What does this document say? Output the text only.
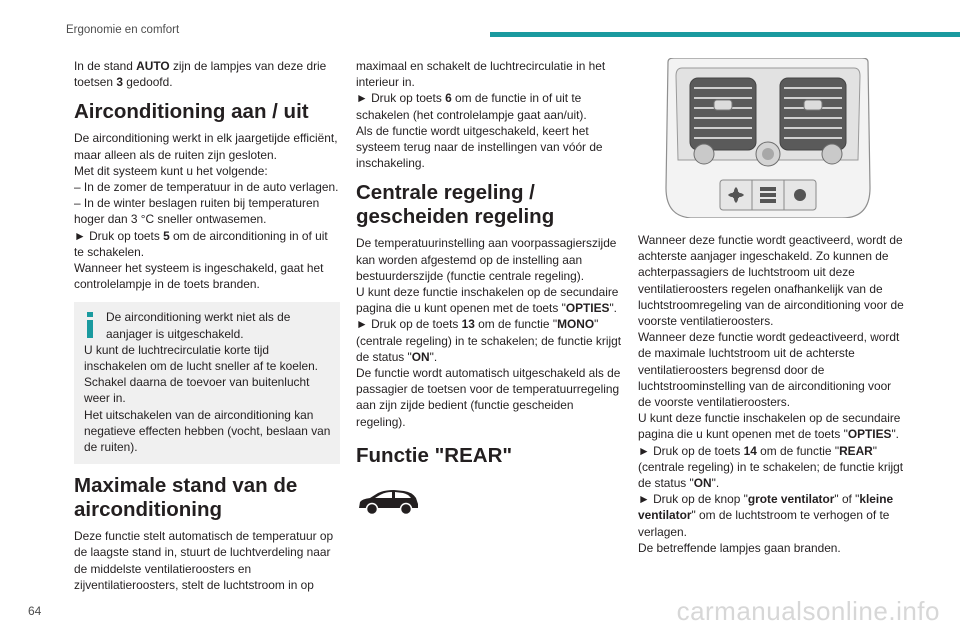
Ergonomie en comfort

In de stand AUTO zijn de lampjes van deze drie toetsen 3 gedoofd.

Airconditioning aan / uit

De airconditioning werkt in elk jaargetijde efficiënt, maar alleen als de ruiten zijn gesloten.

Met dit systeem kunt u het volgende:

– In de zomer de temperatuur in de auto verlagen.

– In de winter beslagen ruiten bij temperaturen hoger dan 3 °C sneller ontwasemen.

► Druk op toets 5 om de airconditioning in of uit te schakelen.

Wanneer het systeem is ingeschakeld, gaat het controlelampje in de toets branden.

De airconditioning werkt niet als de aanjager is uitgeschakeld.

U kunt de luchtrecirculatie korte tijd inschakelen om de lucht sneller af te koelen. Schakel daarna de toevoer van buitenlucht weer in.

Het uitschakelen van de airconditioning kan negatieve effecten hebben (vocht, beslaan van de ruiten).

Maximale stand van de airconditioning

Deze functie stelt automatisch de temperatuur op de laagste stand in, stuurt de luchtverdeling naar de middelste ventilatieroosters en zijventilatieroosters, stelt de luchtstroom in op

maximaal en schakelt de luchtrecirculatie in het interieur in.

► Druk op toets 6 om de functie in of uit te schakelen (het controlelampje gaat aan/uit).

Als de functie wordt uitgeschakeld, keert het systeem terug naar de instellingen van vóór de inschakeling.

Centrale regeling / gescheiden regeling

De temperatuurinstelling aan voorpassagierszijde kan worden afgestemd op de instelling aan bestuurderszijde (functie centrale regeling).

U kunt deze functie inschakelen op de secundaire pagina die u kunt openen met de toets "OPTIES".

► Druk op de toets 13 om de functie "MONO" (centrale regeling) in te schakelen; de functie krijgt de status "ON".

De functie wordt automatisch uitgeschakeld als de passagier de toetsen voor de temperatuurregeling aan zijn zijde bedient (functie gescheiden regeling).

Functie "REAR"

Wanneer deze functie wordt geactiveerd, wordt de achterste aanjager ingeschakeld. Zo kunnen de achterpassagiers de luchtstroom uit deze ventilatieroosters regelen onafhankelijk van de luchtstroomregeling van de airconditioning voor de voorste ventilatieroosters.

Wanneer deze functie wordt gedeactiveerd, wordt de maximale luchtstroom uit de achterste ventilatieroosters begrensd door de luchtstroominstelling van de airconditioning voor de voorste ventilatieroosters.

U kunt deze functie inschakelen op de secundaire pagina die u kunt openen met de toets "OPTIES".

► Druk op de toets 14 om de functie "REAR" (centrale regeling) in te schakelen; de functie krijgt de status "ON".

► Druk op de knop "grote ventilator" of "kleine ventilator" om de luchtstroom te verhogen of te verlagen.

De betreffende lampjes gaan branden.

64	carmanualsonline.info
